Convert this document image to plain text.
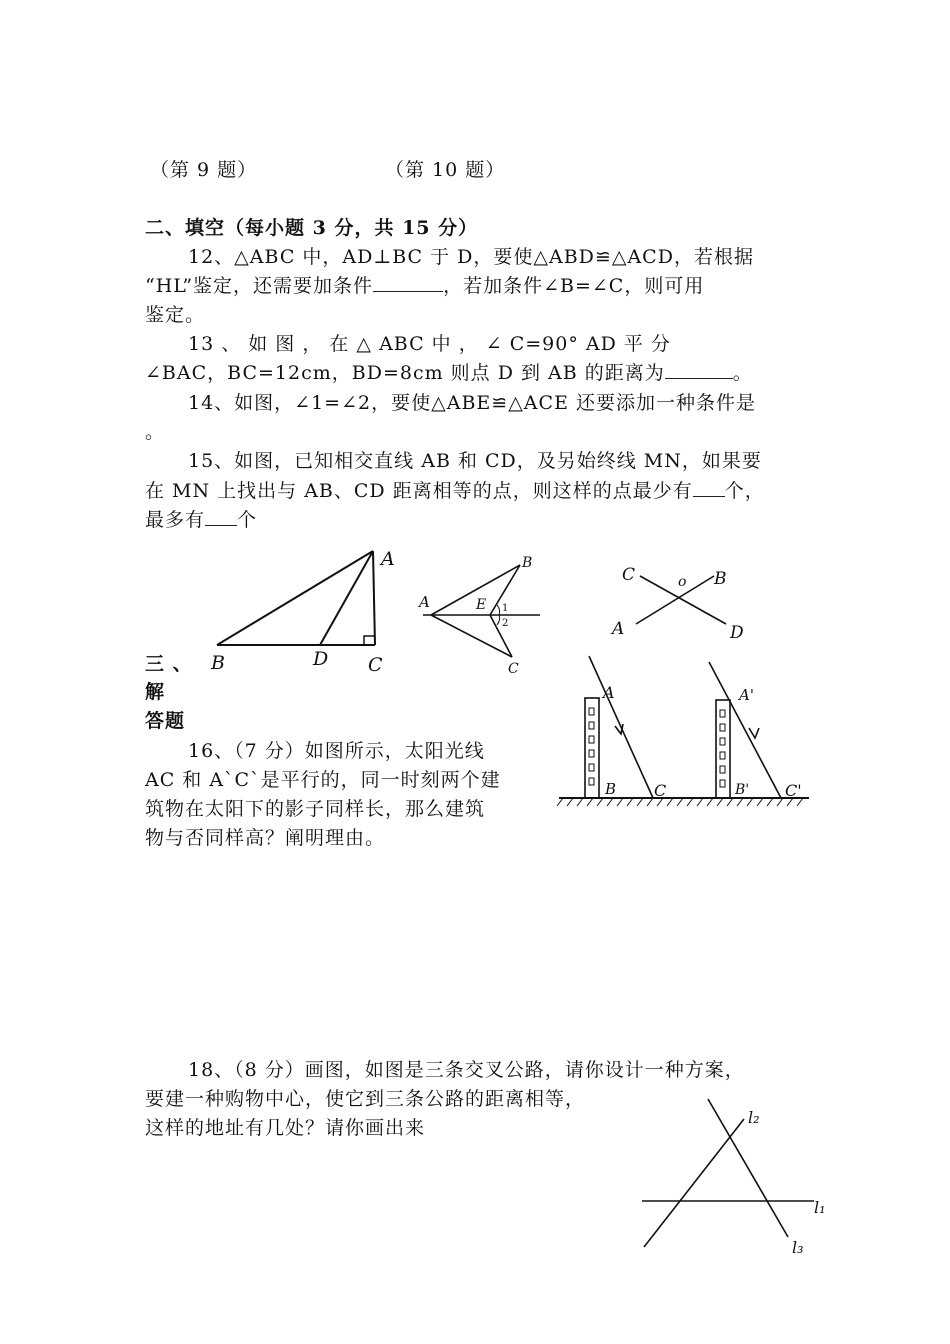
（第 9 题）	（第 10 题）
二、填空（每小题 3 分，共 15 分）
12、△ABC 中，AD⊥BC 于 D，要使△ABD≌△ACD，若根据
“HL”鉴定，还需要加条件	，若加条件∠B=∠C，则可用
鉴定。
13 、 如 图 ， 在 △ ABC 中 ， ∠ C=90° AD 平 分
∠BAC，BC=12cm，BD=8cm 则点 D 到 AB 的距离为	。
14、如图，∠1=∠2，要使△ABE≌△ACE 还要添加一种条件是
。
15、如图，已知相交直线 AB 和 CD，及另始终线 MN，如果要
在 MN 上找出与 AB、CD 距离相等的点，则这样的点最少有 个，
最多有 个
A
B	D C
A	E
B
C
1
2
C	o B
A	D
三 、
解
答题
16、（7 分）如图所示，太阳光线
AC 和 A`C`是平行的，同一时刻两个建
筑物在太阳下的影子同样长，那么建筑
物与否同样高？阐明理由。
A
B C
A'
B' C'
18、（8 分）画图，如图是三条交叉公路，请你设计一种方案，
要建一种购物中心，使它到三条公路的距离相等，
这样的地址有几处？请你画出来	l₂
l₁
l₃
